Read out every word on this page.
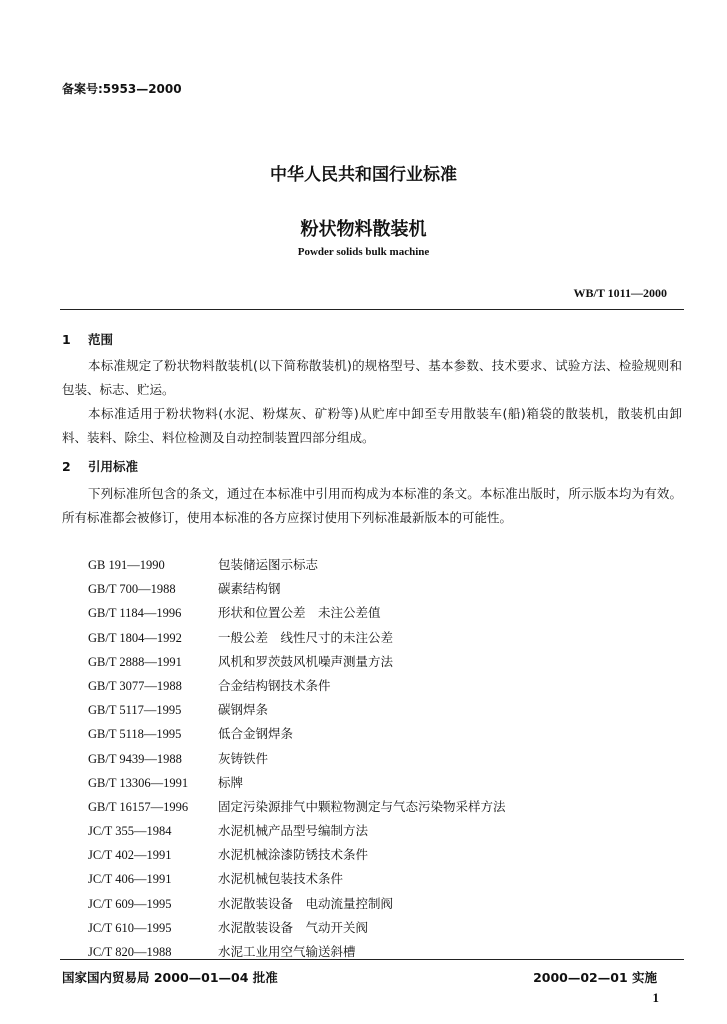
备案号:5953—2000
中华人民共和国行业标准
粉状物料散装机
Powder solids bulk machine
WB/T 1011—2000
1 范围
本标准规定了粉状物料散装机(以下简称散装机)的规格型号、基本参数、技术要求、试验方法、检验规则和包装、标志、贮运。
本标准适用于粉状物料(水泥、粉煤灰、矿粉等)从贮库中卸至专用散装车(船)箱袋的散装机，散装机由卸料、装料、除尘、料位检测及自动控制装置四部分组成。
2 引用标准
下列标准所包含的条文，通过在本标准中引用而构成为本标准的条文。本标准出版时，所示版本均为有效。所有标准都会被修订，使用本标准的各方应探讨使用下列标准最新版本的可能性。
GB 191—1990	包装储运图示标志
GB/T 700—1988	碳素结构钢
GB/T 1184—1996	形状和位置公差　未注公差值
GB/T 1804—1992	一般公差　线性尺寸的未注公差
GB/T 2888—1991	风机和罗茨鼓风机噪声测量方法
GB/T 3077—1988	合金结构钢技术条件
GB/T 5117—1995	碳钢焊条
GB/T 5118—1995	低合金钢焊条
GB/T 9439—1988	灰铸铁件
GB/T 13306—1991 标牌
GB/T 16157—1996 固定污染源排气中颗粒物测定与气态污染物采样方法
JC/T 355—1984	水泥机械产品型号编制方法
JC/T 402—1991	水泥机械涂漆防锈技术条件
JC/T 406—1991	水泥机械包装技术条件
JC/T 609—1995	水泥散装设备　电动流量控制阀
JC/T 610—1995	水泥散装设备　气动开关阀
JC/T 820—1988	水泥工业用空气输送斜槽
国家国内贸易局 2000—01—04 批准	2000—02—01 实施
1
